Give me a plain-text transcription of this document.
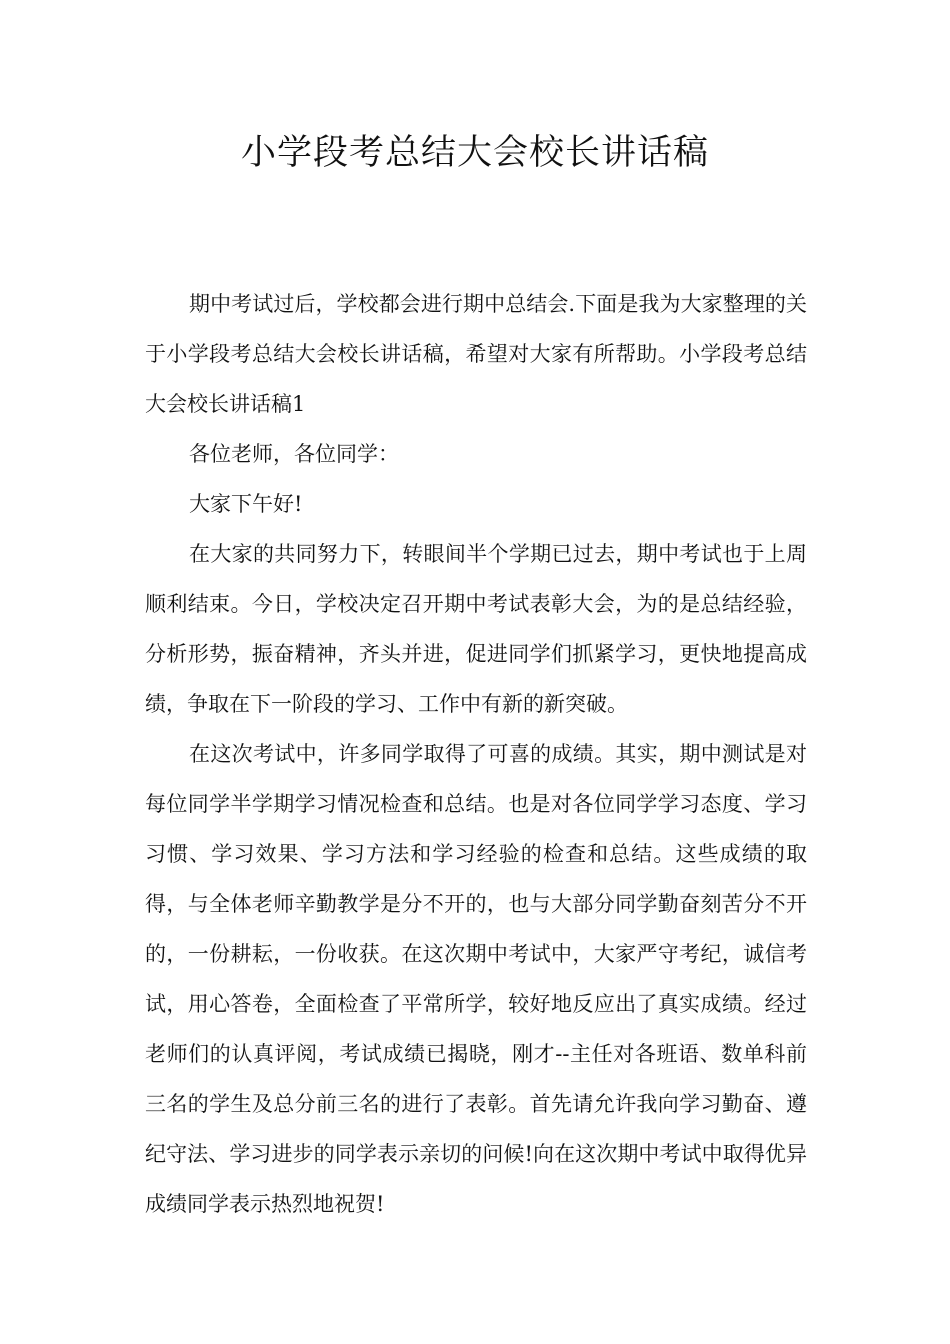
小学段考总结大会校长讲话稿

期中考试过后，学校都会进行期中总结会.下面是我为大家整理的关于小学段考总结大会校长讲话稿，希望对大家有所帮助。小学段考总结大会校长讲话稿1

各位老师，各位同学：

大家下午好!

在大家的共同努力下，转眼间半个学期已过去，期中考试也于上周顺利结束。今日，学校决定召开期中考试表彰大会，为的是总结经验，分析形势，振奋精神，齐头并进，促进同学们抓紧学习，更快地提高成绩，争取在下一阶段的学习、工作中有新的新突破。

在这次考试中，许多同学取得了可喜的成绩。其实，期中测试是对每位同学半学期学习情况检查和总结。也是对各位同学学习态度、学习习惯、学习效果、学习方法和学习经验的检查和总结。这些成绩的取得，与全体老师辛勤教学是分不开的，也与大部分同学勤奋刻苦分不开的，一份耕耘，一份收获。在这次期中考试中，大家严守考纪，诚信考试，用心答卷，全面检查了平常所学，较好地反应出了真实成绩。经过老师们的认真评阅，考试成绩已揭晓，刚才--主任对各班语、数单科前三名的学生及总分前三名的进行了表彰。首先请允许我向学习勤奋、遵纪守法、学习进步的同学表示亲切的问候!向在这次期中考试中取得优异成绩同学表示热烈地祝贺!
